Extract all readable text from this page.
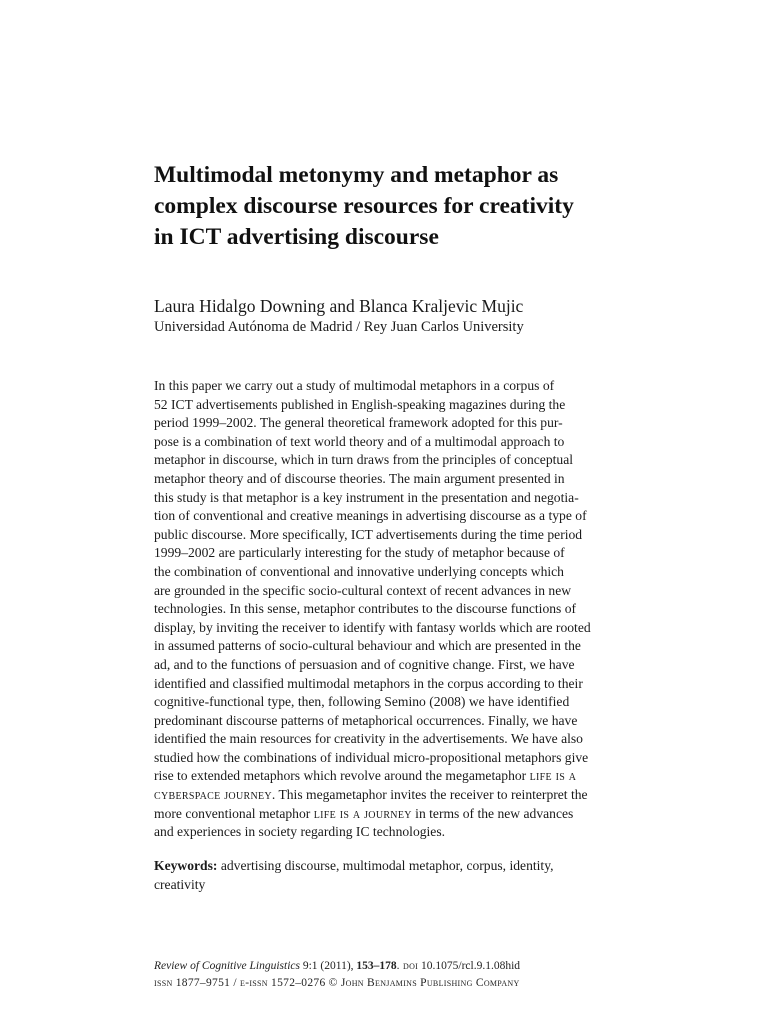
Multimodal metonymy and metaphor as
complex discourse resources for creativity
in ICT advertising discourse

Laura Hidalgo Downing and Blanca Kraljevic Mujic

Universidad Autónoma de Madrid / Rey Juan Carlos University

In this paper we carry out a study of multimodal metaphors in a corpus of
52 ICT advertisements published in English-speaking magazines during the
period 1999–2002. The general theoretical framework adopted for this pur-
pose is a combination of text world theory and of a multimodal approach to
metaphor in discourse, which in turn draws from the principles of conceptual
metaphor theory and of discourse theories. The main argument presented in
this study is that metaphor is a key instrument in the presentation and negotia-
tion of conventional and creative meanings in advertising discourse as a type of
public discourse. More specifically, ICT advertisements during the time period
1999–2002 are particularly interesting for the study of metaphor because of
the combination of conventional and innovative underlying concepts which
are grounded in the specific socio-cultural context of recent advances in new
technologies. In this sense, metaphor contributes to the discourse functions of
display, by inviting the receiver to identify with fantasy worlds which are rooted
in assumed patterns of socio-cultural behaviour and which are presented in the
ad, and to the functions of persuasion and of cognitive change. First, we have
identified and classified multimodal metaphors in the corpus according to their
cognitive-functional type, then, following Semino (2008) we have identified
predominant discourse patterns of metaphorical occurrences. Finally, we have
identified the main resources for creativity in the advertisements. We have also
studied how the combinations of individual micro-propositional metaphors give
rise to extended metaphors which revolve around the megametaphor life is a
cyberspace journey. This megametaphor invites the receiver to reinterpret the
more conventional metaphor life is a journey in terms of the new advances
and experiences in society regarding IC technologies.
Keywords: advertising discourse, multimodal metaphor, corpus, identity,
creativity
Review of Cognitive Linguistics 9:1 (2011), 153–178. doi 10.1075/rcl.9.1.08hid
issn 1877–9751 / e-issn 1572–0276 © John Benjamins Publishing Company
